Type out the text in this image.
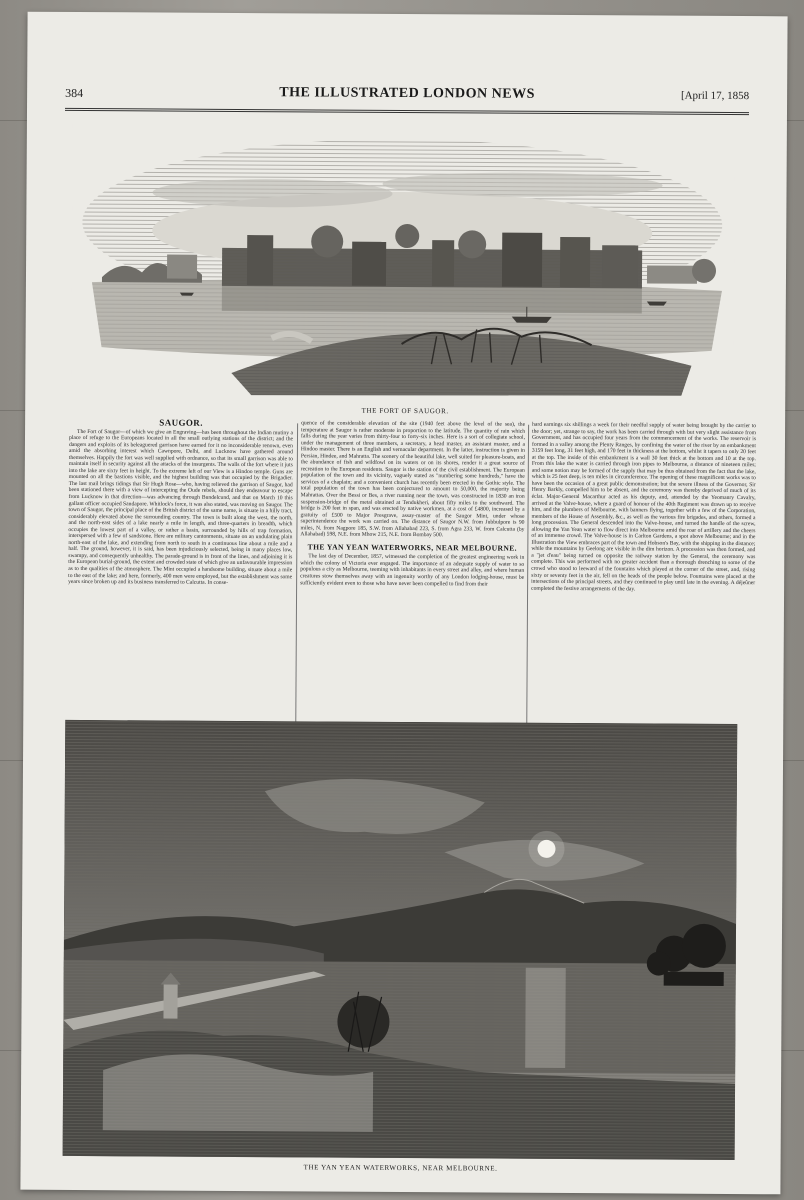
384	THE ILLUSTRATED LONDON NEWS	[April 17, 1858
THE FORT OF SAUGOR.
SAUGOR.

The Fort of Saugor—of which we give an Engraving—has been throughout the Indian mutiny a place of refuge to the Europeans located in all the small outlying stations of the district; and the dangers and exploits of its beleaguered garrison have earned for it no inconsiderable renown, even amid the absorbing interest which Cawnpore, Delhi, and Lucknow have gathered around themselves. Happily the fort was well supplied with ordnance, so that its small garrison was able to maintain itself in security against all the attacks of the insurgents. The walls of the fort where it juts into the lake are sixty feet in height. To the extreme left of our View is a Hindoo temple. Guns are mounted on all the bastions visible, and the highest building was that occupied by the Brigadier. The last mail brings tidings that Sir Hugh Rose—who, having relieved the garrison of Saugor, had been stationed there with a view of intercepting the Oude rebels, should they endeavour to escape from Lucknow in that direction—was advancing through Bundelcund, and that on March 10 this gallant officer occupied Sandapore. Whitlock's force, it was also stated, was moving on Saugor. The town of Saugor, the principal place of the British district of the same name, is situate in a hilly tract, considerably elevated above the surrounding country. The town is built along the west, the north, and the north-east sides of a lake nearly a mile in length, and three-quarters in breadth, which occupies the lowest part of a valley, or rather a basin, surrounded by hills of trap formation, interspersed with a few of sandstone. Here are military cantonments, situate on an undulating plain north-east of the lake, and extending from north to south in a continuous line about a mile and a half. The ground, however, it is said, has been injudiciously selected, being in many places low, swampy, and consequently unhealthy. The parade-ground is in front of the lines, and adjoining it is the European burial-ground, the extent and crowded state of which give an unfavourable impression as to the qualities of the atmosphere. The Mint occupied a handsome building, situate about a mile to the east of the lake; and here, formerly, 400 men were employed, but the establishment was some years since broken up and its business transferred to Calcutta. In conse-

quence of the considerable elevation of the site (1940 feet above the level of the sea), the temperature at Saugor is rather moderate in proportion to the latitude. The quantity of rain which falls during the year varies from thirty-four to forty-six inches. Here is a sort of collegiate school, under the management of three members, a secretary, a head master, an assistant master, and a Hindoo master. There is an English and vernacular department. In the latter, instruction is given in Persian, Hindee, and Mahratta. The scenery of the beautiful lake, well suited for pleasure-boats, and the abundance of fish and wildfowl on its waters or on its shores, render it a great source of recreation to the European residents. Saugor is the station of the civil establishment. The European population of the town and its vicinity, vaguely stated as "numbering some hundreds," have the services of a chaplain; and a convenient church has recently been erected in the Gothic style. The total population of the town has been conjectured to amount to 50,000, the majority being Mahrattas. Over the Bessi or Bes, a river running near the town, was constructed in 1830 an iron suspension-bridge of the metal obtained at Tendukheri, about fifty miles to the southward. The bridge is 200 feet in span, and was erected by native workmen, at a cost of £4800, increased by a gratuity of £500 to Major Presgrave, assay-master of the Saugor Mint, under whose superintendence the work was carried on. The distance of Saugor N.W. from Jubbulpore is 90 miles, N. from Nagpore 185, S.W. from Allahabad 223, S. from Agra 233, W. from Calcutta (by Allahabad) 598, N.E. from Mhow 215, N.E. from Bombay 500.

THE YAN YEAN WATERWORKS, NEAR MELBOURNE.

The last day of December, 1857, witnessed the completion of the greatest engineering work in which the colony of Victoria ever engaged. The importance of an adequate supply of water to so populous a city as Melbourne, teeming with inhabitants in every street and alley, and where human creatures stow themselves away with an ingenuity worthy of any London lodging-house, must be sufficiently evident even to those who have never been compelled to find from their

hard earnings six shillings a week for their needful supply of water being brought by the carrier to the door; yet, strange to say, the work has been carried through with but very slight assistance from Government, and has occupied four years from the commencement of the works. The reservoir is formed in a valley among the Plenty Ranges, by confining the water of the river by an embankment 3159 feet long, 31 feet high, and 170 feet in thickness at the bottom, whilst it tapers to only 20 feet at the top. The inside of this embankment is a wall 30 feet thick at the bottom and 10 at the top. From this lake the water is carried through iron pipes to Melbourne, a distance of nineteen miles; and some notion may be formed of the supply that may be thus obtained from the fact that the lake, which is 25 feet deep, is ten miles in circumference. The opening of these magnificent works was to have been the occasion of a great public demonstration; but the severe illness of the Governor, Sir Henry Barkly, compelled him to be absent, and the ceremony was thereby deprived of much of its éclat. Major-General Macarthur acted as his deputy, and, attended by the Yeomanry Cavalry, arrived at the Valve-house, where a guard of honour of the 40th Regiment was drawn up to receive him, and the plumbers of Melbourne, with banners flying, together with a few of the Corporation, members of the House of Assembly, &c., as well as the various fire brigades, and others, formed a long procession. The General descended into the Valve-house, and turned the handle of the screw, allowing the Yan Yean water to flow direct into Melbourne amid the roar of artillery and the cheers of an immense crowd. The Valve-house is in Carlton Gardens, a spot above Melbourne; and in the Illustration the View embraces part of the town and Hobson's Bay, with the shipping in the distance; while the mountains by Geelong are visible in the dim horizon. A procession was then formed, and a "jet d'eau" being turned on opposite the railway station by the General, the ceremony was complete. This was performed with no greater accident than a thorough drenching to some of the crowd who stood to leeward of the fountains which played at the corner of the street, and, rising sixty or seventy feet in the air, fell on the heads of the people below. Fountains were placed at the intersections of the principal streets, and they continued to play until late in the evening. A déjeûner completed the festive arrangements of the day.

THE YAN YEAN WATERWORKS, NEAR MELBOURNE.
